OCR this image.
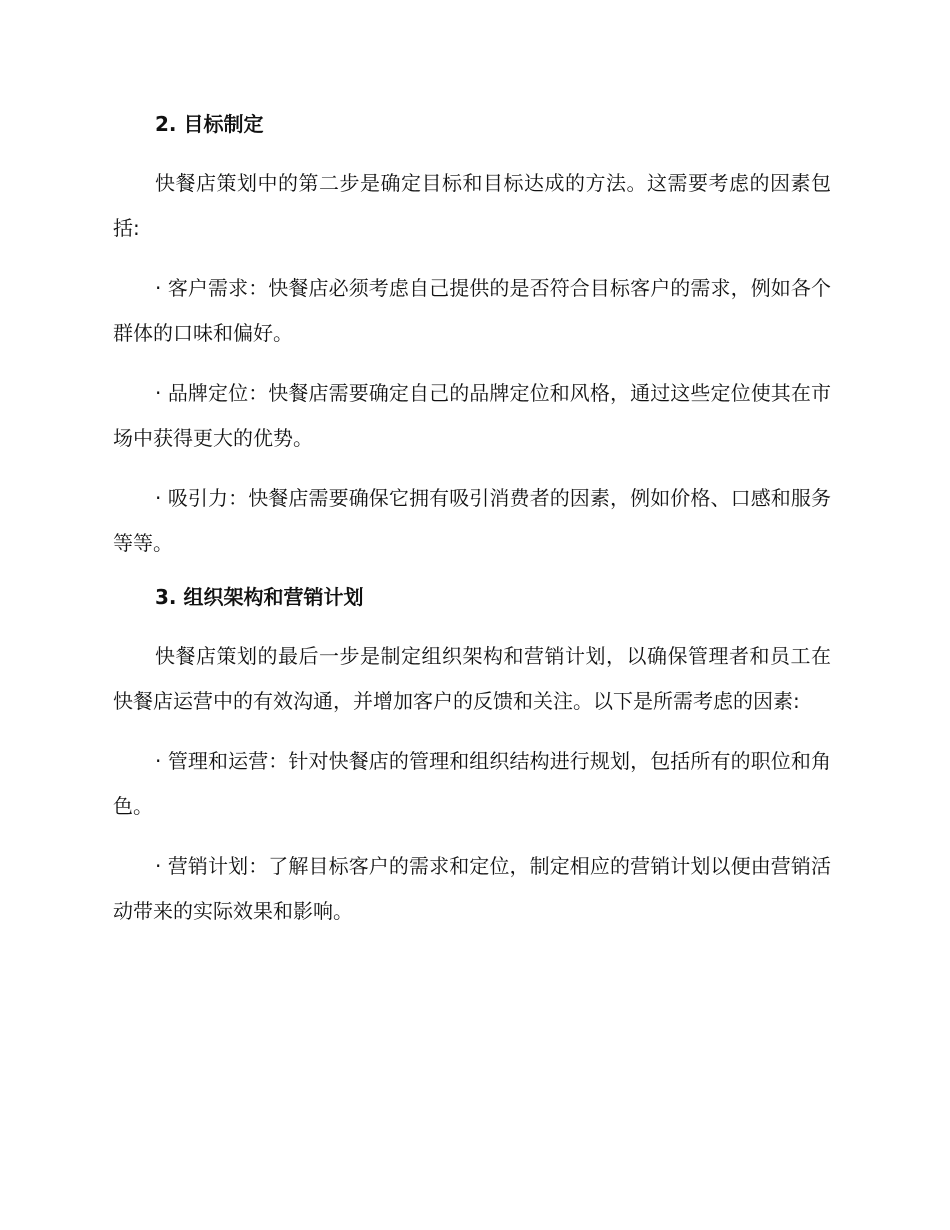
2. 目标制定

快餐店策划中的第二步是确定目标和目标达成的方法。这需要考虑的因素包括:

· 客户需求：快餐店必须考虑自己提供的是否符合目标客户的需求，例如各个群体的口味和偏好。

· 品牌定位：快餐店需要确定自己的品牌定位和风格，通过这些定位使其在市场中获得更大的优势。

· 吸引力：快餐店需要确保它拥有吸引消费者的因素，例如价格、口感和服务等等。

3. 组织架构和营销计划

快餐店策划的最后一步是制定组织架构和营销计划，以确保管理者和员工在快餐店运营中的有效沟通，并增加客户的反馈和关注。以下是所需考虑的因素:

· 管理和运营：针对快餐店的管理和组织结构进行规划，包括所有的职位和角色。

· 营销计划：了解目标客户的需求和定位，制定相应的营销计划以便由营销活动带来的实际效果和影响。
